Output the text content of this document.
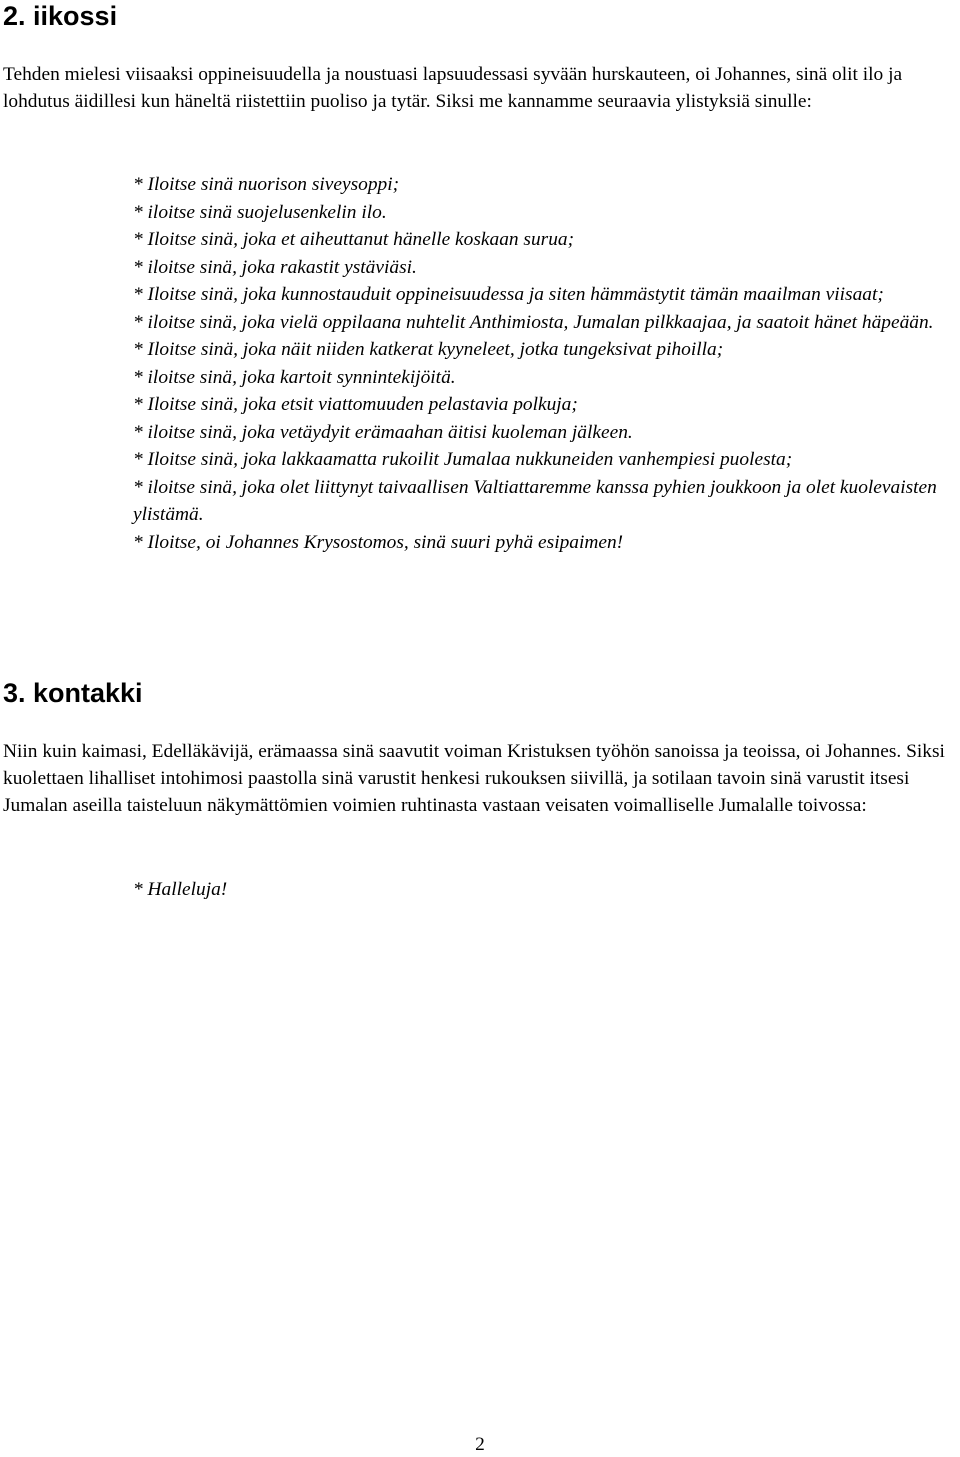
2. iikossi

Tehden mielesi viisaaksi oppineisuudella ja noustuasi lapsuudessasi syvään hurskauteen, oi Johannes, sinä olit ilo ja lohdutus äidillesi kun häneltä riistettiin puoliso ja tytär. Siksi me kannamme seuraavia ylistyksiä sinulle:

* Iloitse sinä nuorison siveysoppi;
* iloitse sinä suojelusenkelin ilo.
* Iloitse sinä, joka et aiheuttanut hänelle koskaan surua;
* iloitse sinä, joka rakastit ystäviäsi.
* Iloitse sinä, joka kunnostauduit oppineisuudessa ja siten hämmästytit tämän maailman viisaat;
* iloitse sinä, joka vielä oppilaana nuhtelit Anthimiosta, Jumalan pilkkaajaa, ja saatoit hänet häpeään.
* Iloitse sinä, joka näit niiden katkerat kyyneleet, jotka tungeksivat pihoilla;
* iloitse sinä, joka kartoit synnintekijöitä.
* Iloitse sinä, joka etsit viattomuuden pelastavia polkuja;
* iloitse sinä, joka vetäydyit erämaahan äitisi kuoleman jälkeen.
* Iloitse sinä, joka lakkaamatta rukoilit Jumalaa nukkuneiden vanhempiesi puolesta;
* iloitse sinä, joka olet liittynyt taivaallisen Valtiattaremme kanssa pyhien joukkoon ja olet kuolevaisten ylistämä.
* Iloitse, oi Johannes Krysostomos, sinä suuri pyhä esipaimen!
3. kontakki

Niin kuin kaimasi, Edelläkävijä, erämaassa sinä saavutit voiman Kristuksen työhön sanoissa ja teoissa, oi Johannes. Siksi kuolettaen lihalliset intohimosi paastolla sinä varustit henkesi rukouksen siivillä, ja sotilaan tavoin sinä varustit itsesi Jumalan aseilla taisteluun näkymättömien voimien ruhtinasta vastaan veisaten voimalliselle Jumalalle toivossa:

* Halleluja!
2
